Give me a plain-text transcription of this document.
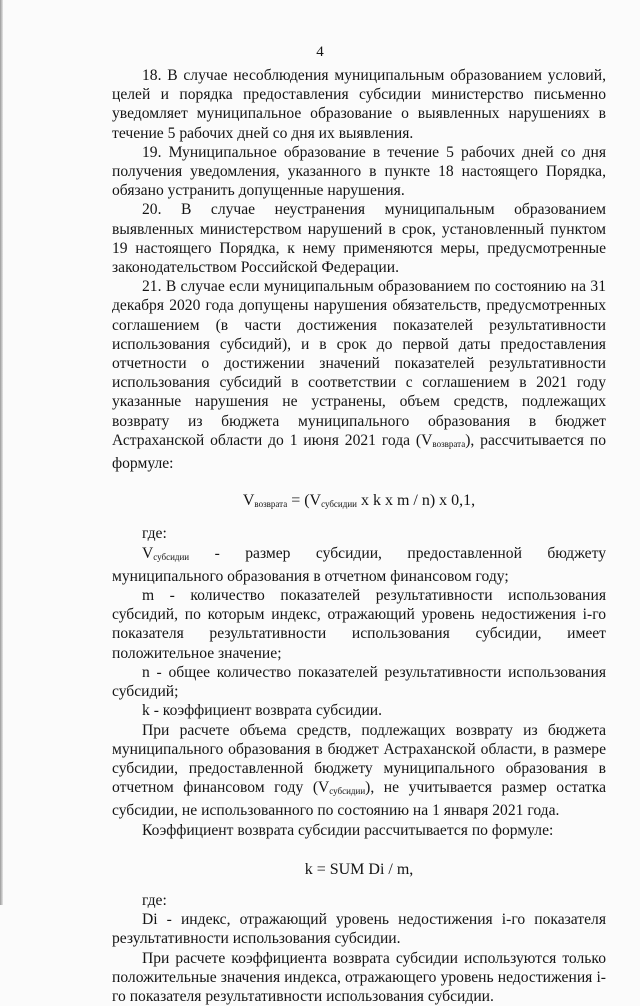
4

18. В случае несоблюдения муниципальным образованием условий, целей и порядка предоставления субсидии министерство письменно уведомляет муниципальное образование о выявленных нарушениях в течение 5 рабочих дней со дня их выявления.

19. Муниципальное образование в течение 5 рабочих дней со дня получения уведомления, указанного в пункте 18 настоящего Порядка, обязано устранить допущенные нарушения.

20. В случае неустранения муниципальным образованием выявленных министерством нарушений в срок, установленный пунктом 19 настоящего Порядка, к нему применяются меры, предусмотренные законодательством Российской Федерации.

21. В случае если муниципальным образованием по состоянию на 31 декабря 2020 года допущены нарушения обязательств, предусмотренных соглашением (в части достижения показателей результативности использования субсидий), и в срок до первой даты предоставления отчетности о достижении значений показателей результативности использования субсидий в соответствии с соглашением в 2021 году указанные нарушения не устранены, объем средств, подлежащих возврату из бюджета муниципального образования в бюджет Астраханской области до 1 июня 2021 года $(V_{возврата})$, рассчитывается по формуле:

$V_{возврата} = (V_{субсидии}$ x k x m / n) x 0,1,

где:

$V_{субсидии}$ - размер субсидии, предоставленной бюджету муниципального образования в отчетном финансовом году;

m - количество показателей результативности использования субсидий, по которым индекс, отражающий уровень недостижения i-го показателя результативности использования субсидии, имеет положительное значение;

n - общее количество показателей результативности использования субсидий;

k - коэффициент возврата субсидии.

При расчете объема средств, подлежащих возврату из бюджета муниципального образования в бюджет Астраханской области, в размере субсидии, предоставленной бюджету муниципального образования в отчетном финансовом году $(V_{субсидии})$, не учитывается размер остатка субсидии, не использованного по состоянию на 1 января 2021 года.

Коэффициент возврата субсидии рассчитывается по формуле:

k = SUM Di / m,

где:

Di - индекс, отражающий уровень недостижения i-го показателя результативности использования субсидии.

При расчете коэффициента возврата субсидии используются только положительные значения индекса, отражающего уровень недостижения i-го показателя результативности использования субсидии.
